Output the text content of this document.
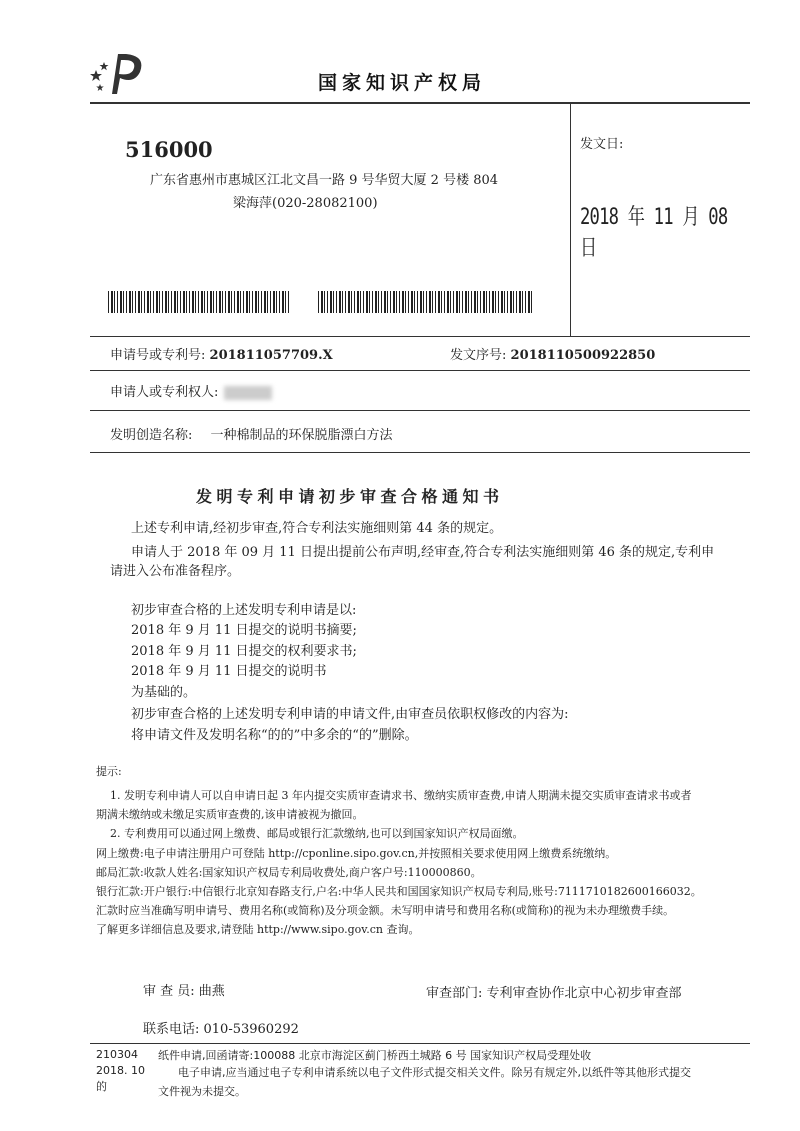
国家知识产权局
516000
广东省惠州市惠城区江北文昌一路 9 号华贸大厦 2 号楼 804
梁海萍(020-28082100)
发文日:
2018 年 11 月 08 日
申请号或专利号: 201811057709.X	发文序号: 2018110500922850
申请人或专利权人:
发明创造名称: 一种棉制品的环保脱脂漂白方法
发明专利申请初步审查合格通知书
上述专利申请,经初步审查,符合专利法实施细则第 44 条的规定。
申请人于 2018 年 09 月 11 日提出提前公布声明,经审查,符合专利法实施细则第 46 条的规定,专利申
请进入公布准备程序。
初步审查合格的上述发明专利申请是以:
2018 年 9 月 11 日提交的说明书摘要;
2018 年 9 月 11 日提交的权利要求书;
2018 年 9 月 11 日提交的说明书
为基础的。
初步审查合格的上述发明专利申请的申请文件,由审查员依职权修改的内容为:
将申请文件及发明名称“的的”中多余的“的”删除。
提示:
1. 发明专利申请人可以自申请日起 3 年内提交实质审查请求书、缴纳实质审查费,申请人期满未提交实质审查请求书或者
期满未缴纳或未缴足实质审查费的,该申请被视为撤回。
2. 专利费用可以通过网上缴费、邮局或银行汇款缴纳,也可以到国家知识产权局面缴。
网上缴费:电子申请注册用户可登陆 http://cponline.sipo.gov.cn,并按照相关要求使用网上缴费系统缴纳。
邮局汇款:收款人姓名:国家知识产权局专利局收费处,商户客户号:110000860。
银行汇款:开户银行:中信银行北京知春路支行,户名:中华人民共和国国家知识产权局专利局,账号:7111710182600166032。
汇款时应当准确写明申请号、费用名称(或简称)及分项金额。未写明申请号和费用名称(或简称)的视为未办理缴费手续。
了解更多详细信息及要求,请登陆 http://www.sipo.gov.cn 查询。
审 查 员: 曲燕	审查部门: 专利审查协作北京中心初步审查部
联系电话: 010-53960292
210304
2018. 10
的
纸件申请,回函请寄:100088 北京市海淀区蓟门桥西土城路 6 号 国家知识产权局受理处收
电子申请,应当通过电子专利申请系统以电子文件形式提交相关文件。除另有规定外,以纸件等其他形式提交
文件视为未提交。
